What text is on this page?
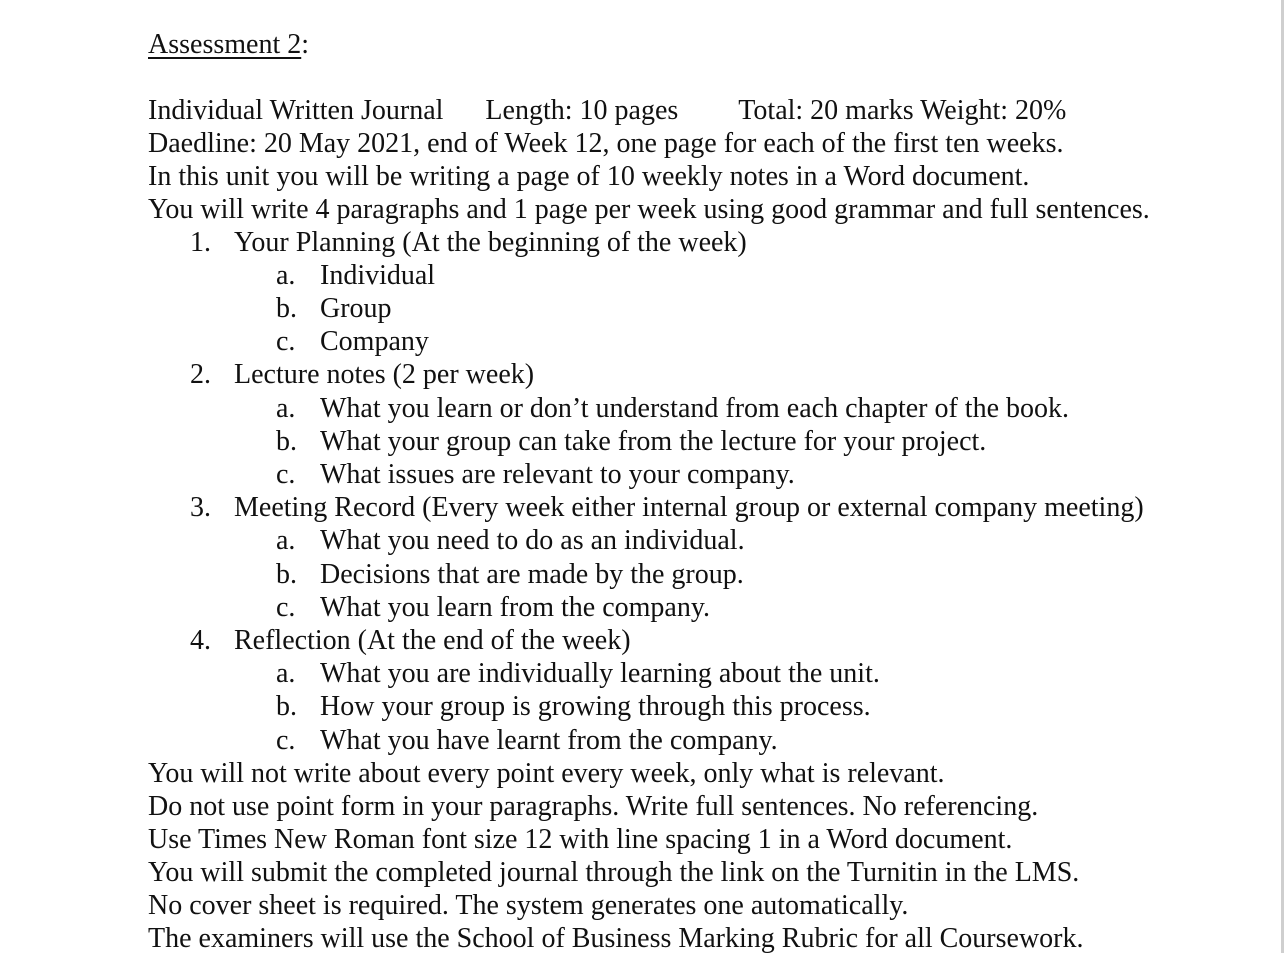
Assessment 2:
Individual Written Journal Length: 10 pages Total: 20 marks Weight: 20%
Daedline: 20 May 2021, end of Week 12, one page for each of the first ten weeks.
In this unit you will be writing a page of 10 weekly notes in a Word document.
You will write 4 paragraphs and 1 page per week using good grammar and full sentences.
1. Your Planning (At the beginning of the week)
a. Individual
b. Group
c. Company
2. Lecture notes (2 per week)
a. What you learn or don’t understand from each chapter of the book.
b. What your group can take from the lecture for your project.
c. What issues are relevant to your company.
3. Meeting Record (Every week either internal group or external company meeting)
a. What you need to do as an individual.
b. Decisions that are made by the group.
c. What you learn from the company.
4. Reflection (At the end of the week)
a. What you are individually learning about the unit.
b. How your group is growing through this process.
c. What you have learnt from the company.
You will not write about every point every week, only what is relevant.
Do not use point form in your paragraphs. Write full sentences. No referencing.
Use Times New Roman font size 12 with line spacing 1 in a Word document.
You will submit the completed journal through the link on the Turnitin in the LMS.
No cover sheet is required. The system generates one automatically.
The examiners will use the School of Business Marking Rubric for all Coursework.
